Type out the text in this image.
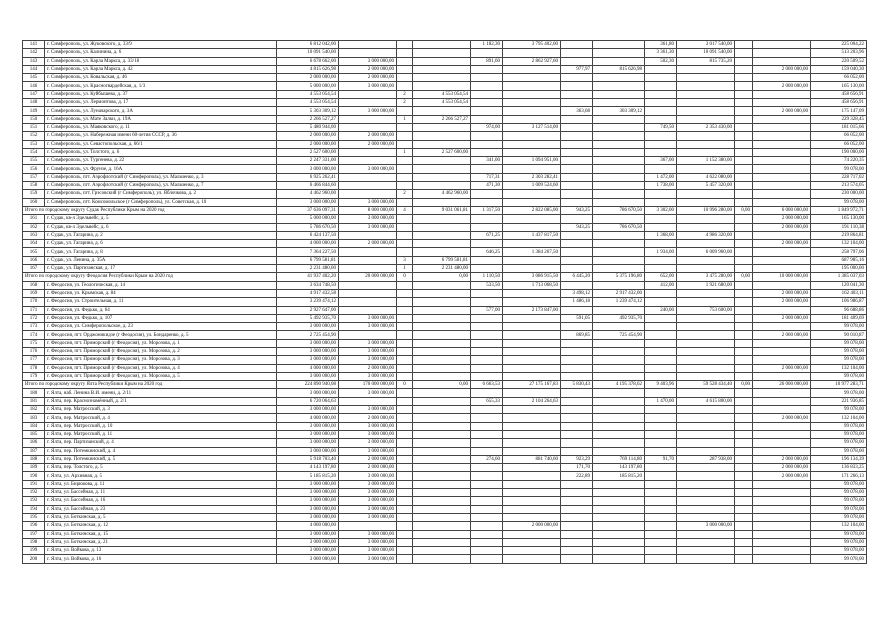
141	г. Симферополь, ул. Жуковского, д. 33/9	6 812 042,00				1 182,30	3 795 402,00			361,80	3 017 540,00			225 004,22
142	г. Симферополь, ул. Калинина, д. 6	10 091 540,00								3 361,30	10 091 540,00			513 203,96
143	г. Симферополь, ул. Карла Маркса, д. 33/18	6 678 662,00	3 000 000,00			891,60	2 862 927,60			502,30	815 735,20			220 509,52
144	г. Симферополь, ул. Карла Маркса, д. 42	4 815 626,98	2 000 000,00					977,97	815 626,98				2 000 000,00	159 040,30
145	г. Симферополь, ул. Ковальская, д. 46	2 000 000,00	2 000 000,00											66 052,00
146	г. Симферополь, ул. Красногвардейская, д. 1/3	5 000 000,00	3 000 000,00										2 000 000,00	165 130,00
147	г. Симферополь, ул. Куйбышева, д. 37	4 553 054,54		2	4 553 054,54									458 656,91
148	г. Симферополь, ул. Лермонтова, д. 17	4 553 054,54		2	4 553 054,54									458 656,91
149	г. Симферополь, ул. Луначарского, д. 3А	5 303 309,12	3 000 000,00					363,68	303 309,12				2 000 000,00	175 147,09
150	г. Симферополь, ул. Мате Залки, д. 19А	2 266 527,27		1	2 266 527,27									229 328,45
151	г. Симферополь, ул. Маяковского, д. 11	5 480 944,00				974,00	3 127 514,00			749,50	2 353 430,00			181 015,66
152	г. Симферополь, ул. Набережная имени 60-летия СССР, д. 36	2 000 000,00	2 000 000,00											66 052,00
153	г. Симферополь, ул. Севастопольская, д. 66/1	2 000 000,00	2 000 000,00											66 052,00
154	г. Симферополь, ул. Толстого, д. 6	2 527 600,00		1	2 527 600,00									190 000,00
155	г. Симферополь, ул. Тургенева, д. 22	2 247 331,00				341,00	1 094 951,00			367,00	1 152 380,00			74 220,35
156	г. Симферополь, ул. Фрунзе, д. 16А	3 000 000,00	3 000 000,00											99 078,00
157	г. Симферополь, пгт. Аэрофлотский (г Симферополь), ул. Мальченко, д. 3	6 925 262,41				717,31	2 303 282,41			1 472,00	4 622 080,00			228 717,02
158	г. Симферополь, пгт. Аэрофлотский (г Симферополь), ул. Мальченко, д. 7	6 466 844,60				471,30	1 009 524,60			1 738,00	5 457 320,00			213 574,05
159	г. Симферополь, пгт. Грэсовский (г Симферополь), ул. Яблочкова, д. 2	4 462 960,00		2	4 462 960,00									230 000,00
160	г. Симферополь, пгт. Комсомольское (г Симферополь), ул. Советская, д. 10	3 000 000,00	3 000 000,00											99 078,00
Итого по городскому округу Судак Республики Крым на 2020 год		37 636 097,31	8 000 000,00	4	9 031 061,81	1 317,50	2 822 085,00	943,25	786 670,50	3 302,00	10 996 280,00	0,00	6 000 000,00	1 849 972,71
161	г. Судак, кв-л Эдельвейс, д. 5	5 000 000,00	3 000 000,00										2 000 000,00	165 130,00
162	г. Судак, кв-л Эдельвейс, д. 6	5 786 670,50	3 000 000,00					943,25	786 670,50				2 000 000,00	191 110,38
163	г. Судак, ул. Гагарина, д. 2	6 424 137,50				671,25	1 437 817,50			1 368,00	4 986 320,00			219 864,81
164	г. Судак, ул. Гагарина, д. 6	4 000 000,00	2 000 000,00										2 000 000,00	132 104,00
165	г. Судак, ул. Гагарина, д. 8	7 364 227,50				646,25	1 384 267,50			1 934,00	6 009 960,00			258 797,06
166	г. Судак, ул. Ленина, д. 35А	6 799 581,81		3	6 799 581,81									687 985,16
167	г. Судак, ул. Партизанская, д. 17	2 231 480,00		1	2 231 480,00									195 000,00
Итого по городскому округу Феодосия Республики Крым на 2020 год		41 937 402,20	20 000 000,00	0	0,00	1 110,50	3 086 915,50	6 445,20	5 375 196,80	652,00	3 475 280,00	0,00	10 000 000,00	1 385 037,03
168	г. Феодосия, ул. Геологическая, д. 14	3 634 748,50				533,50	1 713 068,50			412,00	1 921 680,00			120 041,30
169	г. Феодосия, ул. Крымская, д. 84	4 917 432,58						3 498,12	2 917 432,00				2 000 000,00	162 403,11
170	г. Феодосия, ул. Строительная, д. 11	3 239 474,12						1 486,18	1 239 474,12				2 000 000,00	106 986,87
171	г. Феодосия, ул. Федько, д. 64	2 927 647,00				577,00	2 173 847,00			240,00	753 600,00			96 688,86
172	г. Феодосия, ул. Федько, д. 107	5 492 935,70	3 000 000,00					591,05	492 935,70				2 000 000,00	181 409,69
173	г. Феодосия, ул. Симферопольское, д. 23	3 000 000,00	3 000 000,00											99 078,00
174	г. Феодосия, пгт. Орджоникидзе (г Феодосия), ул. Бондаренко, д. 5	2 725 454,90						869,85	725 454,90				2 000 000,00	90 010,87
175	г. Феодосия, пгт. Приморский (г Феодосия), ул. Морозова, д. 1	3 000 000,00	3 000 000,00											99 078,00
176	г. Феодосия, пгт. Приморский (г Феодосия), ул. Морозова, д. 2	3 000 000,00	3 000 000,00											99 078,00
177	г. Феодосия, пгт. Приморский (г Феодосия), ул. Морозова, д. 3	3 000 000,00	3 000 000,00											99 078,00
178	г. Феодосия, пгт. Приморский (г Феодосия), ул. Морозова, д. 4	4 000 000,00	2 000 000,00										2 000 000,00	132 104,00
179	г. Феодосия, пгт. Приморский (г Феодосия), ул. Морозова, д. 5	3 000 000,00	3 000 000,00											99 078,00
Итого по городскому округу Ялта Республики Крым на 2020 год		224 890 940,08	170 000 000,00	0	0,00	6 663,53	27 175 167,83	5 830,43	4 195 378,62	9 403,96	59 528 434,40	0,00	26 000 000,00	10 977 283,71
180	г. Ялта, наб. Ленина В.И. имени, д. 2/11	3 000 000,00	3 000 000,00											99 078,00
181	г. Ялта, пер. Краснознамённый, д. 2/1	6 720 064,63				655,33	2 104 264,63			1 470,00	4 615 800,00			221 936,85
182	г. Ялта, пер. Матросский, д. 3	3 000 000,00	3 000 000,00											99 078,00
183	г. Ялта, пер. Матросский, д. 4	4 000 000,00	2 000 000,00										2 000 000,00	132 104,00
184	г. Ялта, пер. Матросский, д. 10	3 000 000,00	3 000 000,00											99 078,00
185	г. Ялта, пер. Матросский, д. 11	3 000 000,00	3 000 000,00											99 078,00
186	г. Ялта, пер. Партизанский, д. 4	3 000 000,00	3 000 000,00											99 078,00
187	г. Ялта, пер. Потемкинский, д. 4	3 000 000,00	3 000 000,00											99 078,00
188	г. Ялта, пер. Потемкинский, д. 5	5 918 703,40	2 000 000,00			274,60	881 740,60	923,29	769 114,80	91,70	287 938,00		2 000 000,00	196 134,39
189	г. Ялта, пер. Толстого, д. 5	4 143 197,80	2 000 000,00					171,70	143 197,80				2 000 000,00	136 833,25
190	г. Ялта, ул. Архивная, д. 5	5 185 815,20	3 000 000,00					222,89	185 815,20				2 000 000,00	171 266,13
191	г. Ялта, ул. Бирюкова, д. 11	3 000 000,00	3 000 000,00											99 078,00
192	г. Ялта, ул. Бассейная, д. 11	3 000 000,00	3 000 000,00											99 078,00
193	г. Ялта, ул. Бассейная, д. 16	3 000 000,00	3 000 000,00											99 078,00
194	г. Ялта, ул. Бассейная, д. 23	3 000 000,00	3 000 000,00											99 078,00
195	г. Ялта, ул. Боткинская, д. 5	3 000 000,00	3 000 000,00											99 078,00
196	г. Ялта, ул. Боткинская, д. 12	4 000 000,00					2 000 000,00				3 000 000,00			132 104,00
197	г. Ялта, ул. Боткинская, д. 15	3 000 000,00	3 000 000,00											99 078,00
198	г. Ялта, ул. Боткинская, д. 21	3 000 000,00	3 000 000,00											99 078,00
199	г. Ялта, ул. Войкова, д. 13	3 000 000,00	3 000 000,00											99 078,00
200	г. Ялта, ул. Войкова, д. 16	3 000 000,00	3 000 000,00											99 078,00
